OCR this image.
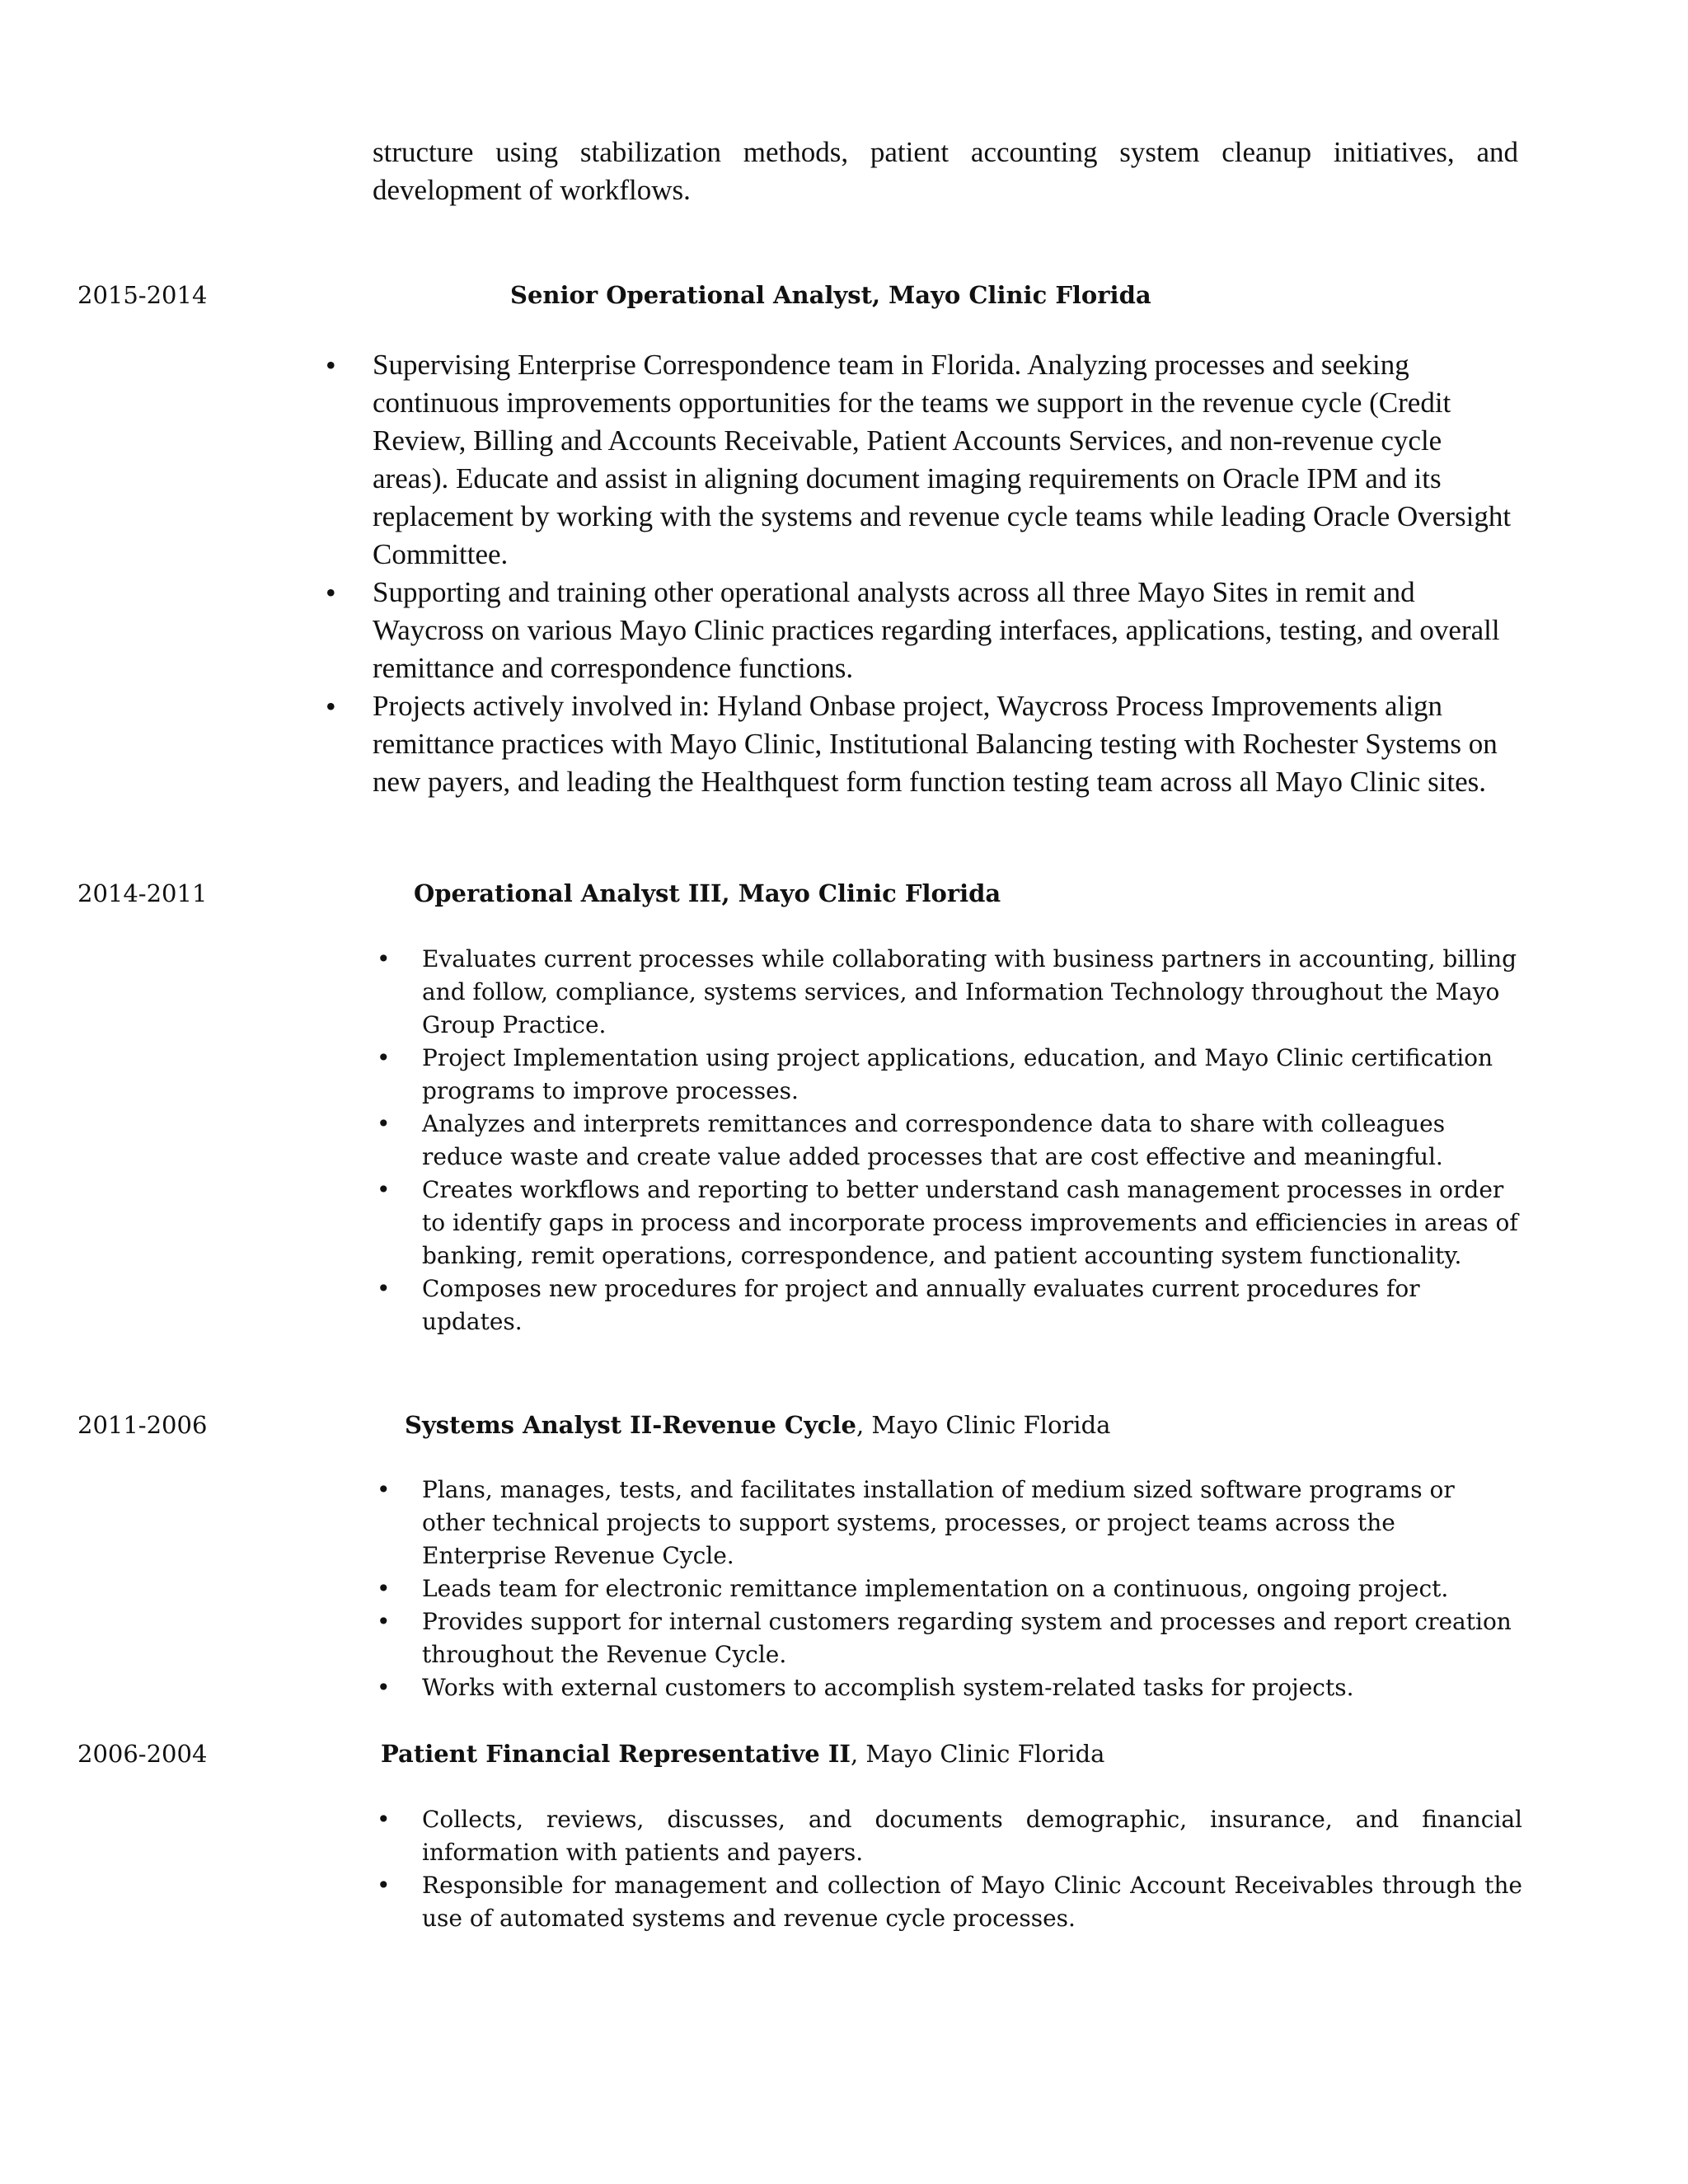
structure using stabilization methods, patient accounting system cleanup initiatives, and

development of workflows.

2015-2014	Senior Operational Analyst, Mayo Clinic Florida
• Supervising Enterprise Correspondence team in Florida. Analyzing processes and seeking continuous improvements opportunities for the teams we support in the revenue cycle (Credit Review, Billing and Accounts Receivable, Patient Accounts Services, and non-revenue cycle areas). Educate and assist in aligning document imaging requirements on Oracle IPM and its replacement by working with the systems and revenue cycle teams while leading Oracle Oversight Committee.
• Supporting and training other operational analysts across all three Mayo Sites in remit and Waycross on various Mayo Clinic practices regarding interfaces, applications, testing, and overall remittance and correspondence functions.
• Projects actively involved in: Hyland Onbase project, Waycross Process Improvements align remittance practices with Mayo Clinic, Institutional Balancing testing with Rochester Systems on new payers, and leading the Healthquest form function testing team across all Mayo Clinic sites.
2014-2011	Operational Analyst III, Mayo Clinic Florida
• Evaluates current processes while collaborating with business partners in accounting, billing and follow, compliance, systems services, and Information Technology throughout the Mayo Group Practice.
• Project Implementation using project applications, education, and Mayo Clinic certification programs to improve processes.
• Analyzes and interprets remittances and correspondence data to share with colleagues reduce waste and create value added processes that are cost effective and meaningful.
• Creates workflows and reporting to better understand cash management processes in order to identify gaps in process and incorporate process improvements and efficiencies in areas of banking, remit operations, correspondence, and patient accounting system functionality.
• Composes new procedures for project and annually evaluates current procedures for updates.
2011-2006	Systems Analyst II-Revenue Cycle, Mayo Clinic Florida
• Plans, manages, tests, and facilitates installation of medium sized software programs or other technical projects to support systems, processes, or project teams across the Enterprise Revenue Cycle.
• Leads team for electronic remittance implementation on a continuous, ongoing project.
• Provides support for internal customers regarding system and processes and report creation throughout the Revenue Cycle.
• Works with external customers to accomplish system-related tasks for projects.
2006-2004	Patient Financial Representative II, Mayo Clinic Florida
• Collects, reviews, discusses, and documents demographic, insurance, and financial information with patients and payers.
• Responsible for management and collection of Mayo Clinic Account Receivables through the use of automated systems and revenue cycle processes.
